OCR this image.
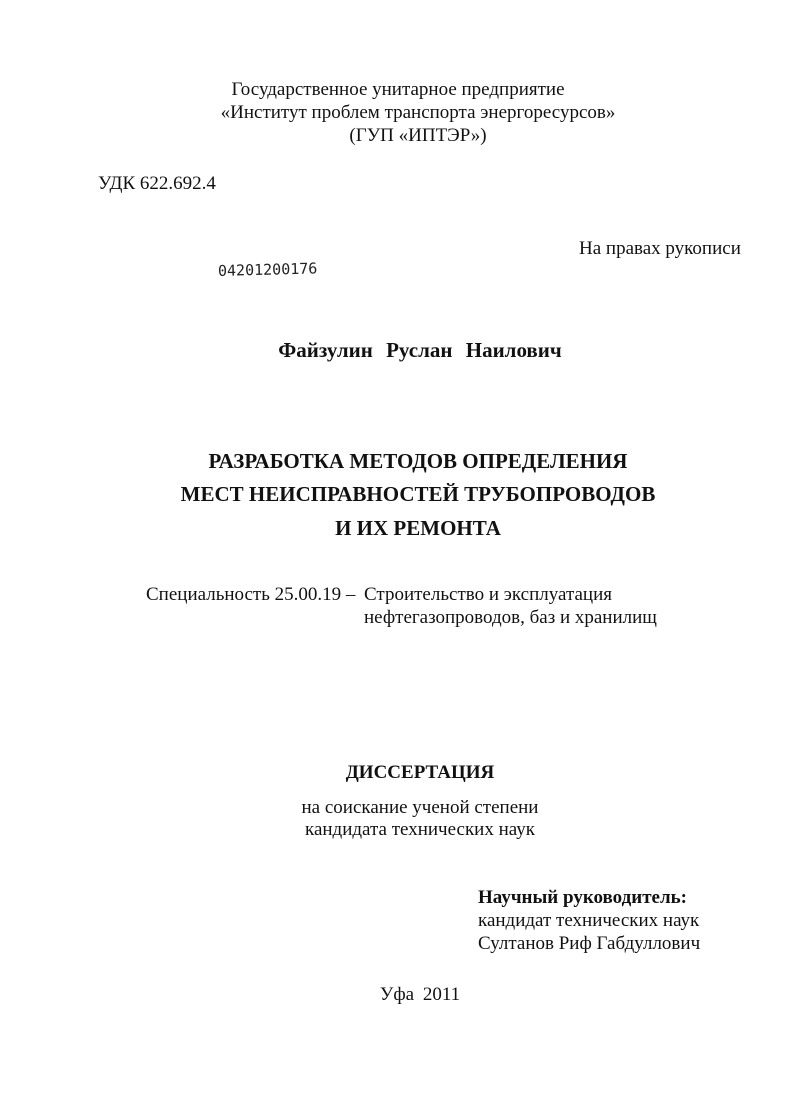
Государственное унитарное предприятие
«Институт проблем транспорта энергоресурсов»
(ГУП «ИПТЭР»)
УДК 622.692.4
На правах рукописи
04201200176
Файзулин Руслан Наилович
РАЗРАБОТКА МЕТОДОВ ОПРЕДЕЛЕНИЯ
МЕСТ НЕИСПРАВНОСТЕЙ ТРУБОПРОВОДОВ
И ИХ РЕМОНТА
Специальность 25.00.19 – Строительство и эксплуатация
нефтегазопроводов, баз и хранилищ
ДИССЕРТАЦИЯ
на соискание ученой степени
кандидата технических наук
Научный руководитель:
кандидат технических наук
Султанов Риф Габдуллович
Уфа 2011
